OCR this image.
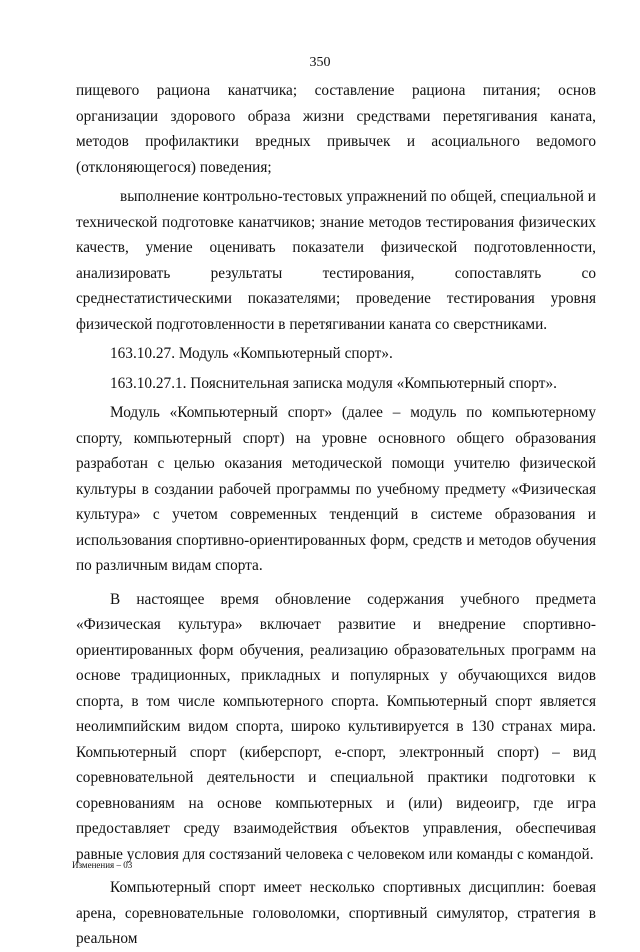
350

пищевого рациона канатчика; составление рациона питания; основ организации здорового образа жизни средствами перетягивания каната, методов профилактики вредных привычек и асоциального ведомого (отклоняющегося) поведения;

выполнение контрольно-тестовых упражнений по общей, специальной и технической подготовке канатчиков; знание методов тестирования физических качеств, умение оценивать показатели физической подготовленности, анализировать результаты тестирования, сопоставлять со среднестатистическими показателями; проведение тестирования уровня физической подготовленности в перетягивании каната со сверстниками.

163.10.27. Модуль «Компьютерный спорт».

163.10.27.1. Пояснительная записка модуля «Компьютерный спорт».

Модуль «Компьютерный спорт» (далее – модуль по компьютерному спорту, компьютерный спорт) на уровне основного общего образования разработан с целью оказания методической помощи учителю физической культуры в создании рабочей программы по учебному предмету «Физическая культура» с учетом современных тенденций в системе образования и использования спортивно-ориентированных форм, средств и методов обучения по различным видам спорта.

В настоящее время обновление содержания учебного предмета «Физическая культура» включает развитие и внедрение спортивно-ориентированных форм обучения, реализацию образовательных программ на основе традиционных, прикладных и популярных у обучающихся видов спорта, в том числе компьютерного спорта. Компьютерный спорт является неолимпийским видом спорта, широко культивируется в 130 странах мира. Компьютерный спорт (киберспорт, е-спорт, электронный спорт) – вид соревновательной деятельности и специальной практики подготовки к соревнованиям на основе компьютерных и (или) видеоигр, где игра предоставляет среду взаимодействия объектов управления, обеспечивая равные условия для состязаний человека с человеком или команды с командой.

Компьютерный спорт имеет несколько спортивных дисциплин: боевая арена, соревновательные головоломки, спортивный симулятор, стратегия в реальном

Изменения – 03
